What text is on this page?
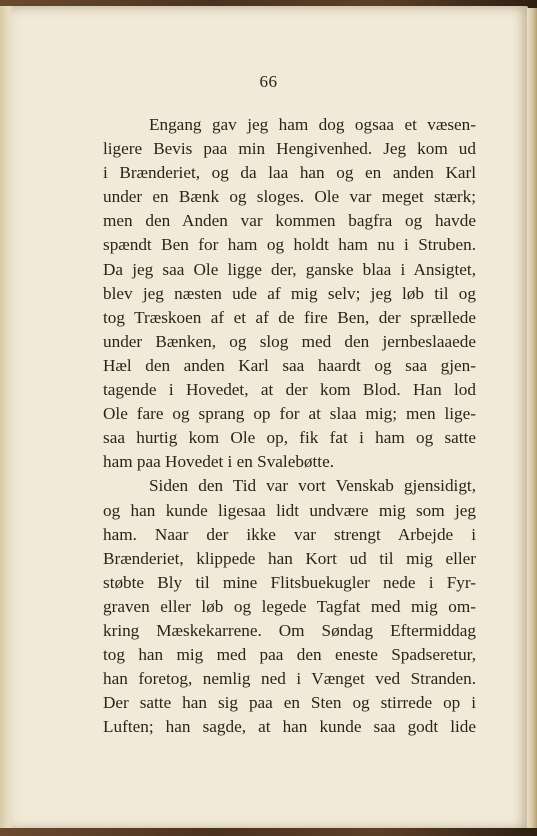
66
Engang gav jeg ham dog ogsaa et væsen-
ligere Bevis paa min Hengivenhed. Jeg kom ud
i Brænderiet, og da laa han og en anden Karl
under en Bænk og sloges. Ole var meget stærk;
men den Anden var kommen bagfra og havde
spændt Ben for ham og holdt ham nu i Struben.
Da jeg saa Ole ligge der, ganske blaa i Ansigtet,
blev jeg næsten ude af mig selv; jeg løb til og
tog Træskoen af et af de fire Ben, der sprællede
under Bænken, og slog med den jernbeslaaede
Hæl den anden Karl saa haardt og saa gjen-
tagende i Hovedet, at der kom Blod. Han lod
Ole fare og sprang op for at slaa mig; men lige-
saa hurtig kom Ole op, fik fat i ham og satte
ham paa Hovedet i en Svalebøtte.
Siden den Tid var vort Venskab gjensidigt,
og han kunde ligesaa lidt undvære mig som jeg
ham. Naar der ikke var strengt Arbejde i
Brænderiet, klippede han Kort ud til mig eller
støbte Bly til mine Flitsbuekugler nede i Fyr-
graven eller løb og legede Tagfat med mig om-
kring Mæskekarrene. Om Søndag Eftermiddag
tog han mig med paa den eneste Spadseretur,
han foretog, nemlig ned i Vænget ved Stranden.
Der satte han sig paa en Sten og stirrede op i
Luften; han sagde, at han kunde saa godt lide
